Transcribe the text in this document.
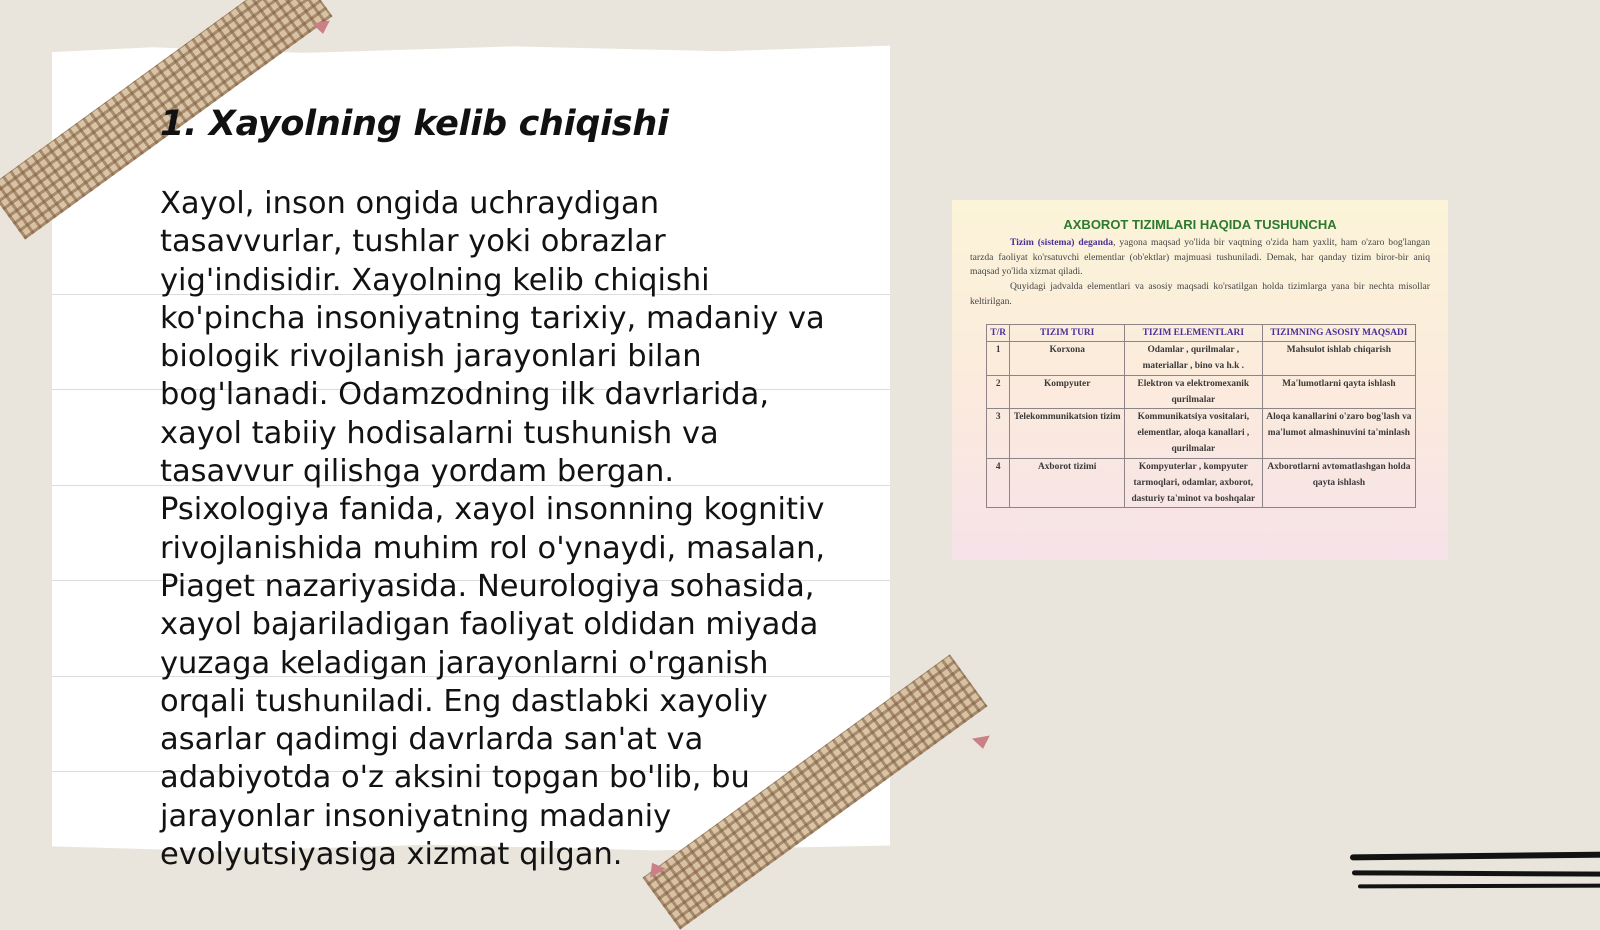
1. Xayolning kelib chiqishi

Xayol, inson ongida uchraydigan tasavvurlar, tushlar yoki obrazlar yig'indisidir. Xayolning kelib chiqishi ko'pincha insoniyatning tarixiy, madaniy va biologik rivojlanish jarayonlari bilan bog'lanadi. Odamzodning ilk davrlarida, xayol tabiiy hodisalarni tushunish va tasavvur qilishga yordam bergan. Psixologiya fanida, xayol insonning kognitiv rivojlanishida muhim rol o'ynaydi, masalan, Piaget nazariyasida. Neurologiya sohasida, xayol bajariladigan faoliyat oldidan miyada yuzaga keladigan jarayonlarni o'rganish orqali tushuniladi. Eng dastlabki xayoliy asarlar qadimgi davrlarda san'at va adabiyotda o'z aksini topgan bo'lib, bu jarayonlar insoniyatning madaniy evolyutsiyasiga xizmat qilgan.

AXBOROT TIZIMLARI HAQIDA TUSHUNCHA
Tizim (sistema) deganda, yagona maqsad yo'lida bir vaqtning o'zida ham yaxlit, ham o'zaro bog'langan tarzda faoliyat ko'rsatuvchi elementlar (ob'ektlar) majmuasi tushuniladi. Demak, har qanday tizim biror-bir aniq maqsad yo'lida xizmat qiladi.
Quyidagi jadvalda elementlari va asosiy maqsadi ko'rsatilgan holda tizimlarga yana bir nechta misollar keltirilgan.
T/R	TIZIM TURI	TIZIM ELEMENTLARI	TIZIMNING ASOSIY MAQSADI
1	Korxona	Odamlar , qurilmalar , materiallar , bino va h.k .	Mahsulot ishlab chiqarish
2	Kompyuter	Elektron va elektromexanik qurilmalar	Ma'lumotlarni qayta ishlash
3	Telekommunikatsion tizim	Kommunikatsiya vositalari, elementlar, aloqa kanallari , qurilmalar	Aloqa kanallarini o'zaro bog'lash va ma'lumot almashinuvini ta'minlash
4	Axborot tizimi	Kompyuterlar , kompyuter tarmoqlari, odamlar, axborot, dasturiy ta'minot va boshqalar	Axborotlarni avtomatlashgan holda qayta ishlash
